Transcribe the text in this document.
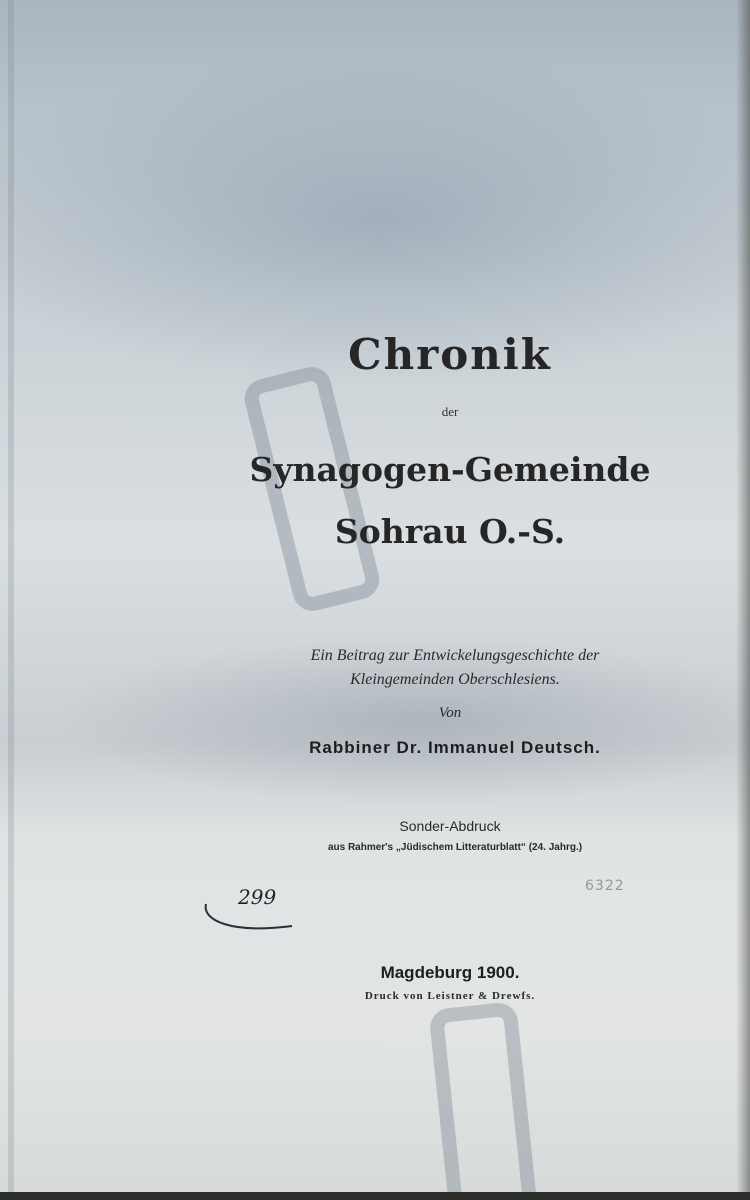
Chronik
der
Synagogen-Gemeinde
Sohrau O.-S.
Ein Beitrag zur Entwickelungsgeschichte der
Kleingemeinden Oberschlesiens.
Von
Rabbiner Dr. Immanuel Deutsch.
Sonder-Abdruck
aus Rahmer's „Jüdischem Litteraturblatt“ (24. Jahrg.)
299	6322
Magdeburg 1900.
Druck von Leistner & Drewfs.
